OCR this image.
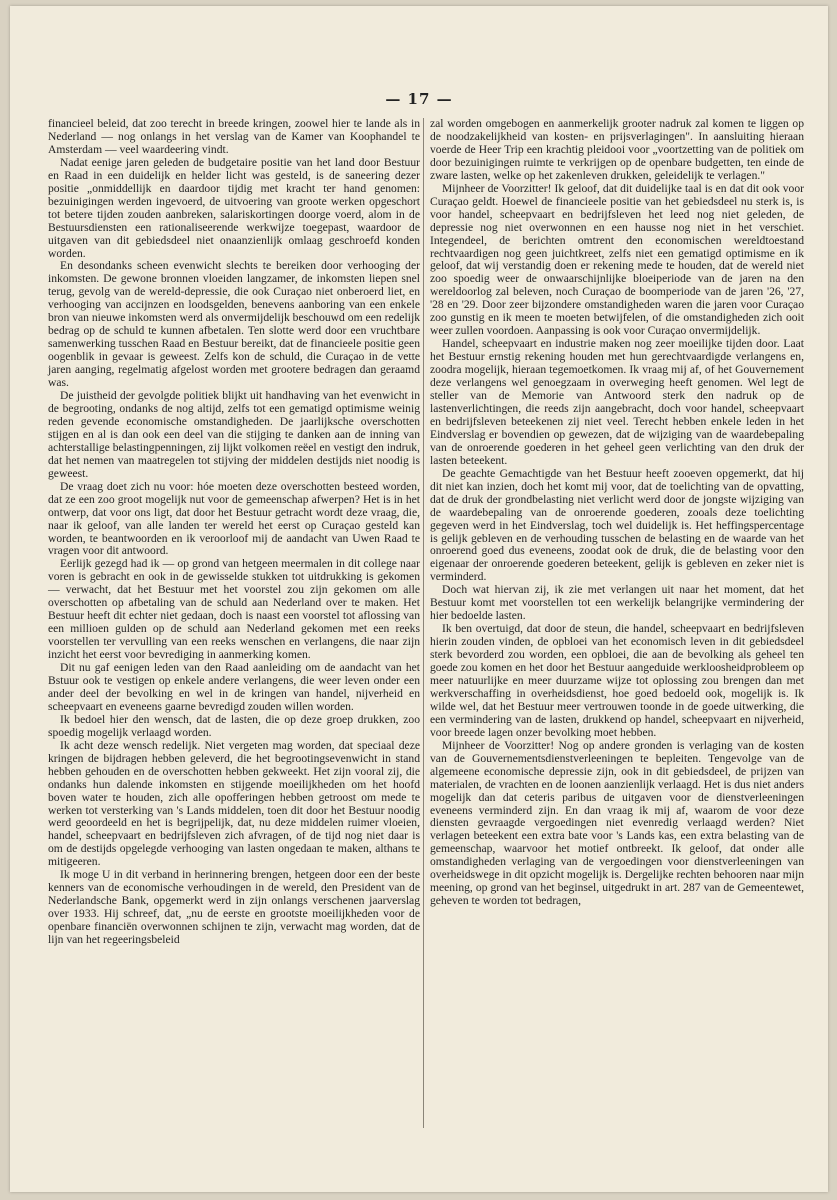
— 17 —

financieel beleid, dat zoo terecht in breede kringen, zoowel hier te lande als in Nederland — nog onlangs in het verslag van de Kamer van Koophandel te Amsterdam — veel waardeering vindt.

Nadat eenige jaren geleden de budgetaire positie van het land door Bestuur en Raad in een duidelijk en helder licht was gesteld, is de saneering dezer positie „onmiddellijk en daardoor tijdig met kracht ter hand genomen: bezuinigingen werden ingevoerd, de uitvoering van groote werken opgeschort tot betere tijden zouden aanbreken, salariskortingen doorge voerd, alom in de Bestuursdiensten een rationaliseerende werkwijze toegepast, waardoor de uitgaven van dit gebiedsdeel niet onaanzienlijk omlaag geschroefd konden worden.

En desondanks scheen evenwicht slechts te bereiken door verhooging der inkomsten. De gewone bronnen vloeiden langzamer, de inkomsten liepen snel terug, gevolg van de wereld-depressie, die ook Curaçao niet onberoerd liet, en verhooging van accijnzen en loodsgelden, benevens aanboring van een enkele bron van nieuwe inkomsten werd als onvermijdelijk beschouwd om een redelijk bedrag op de schuld te kunnen afbetalen. Ten slotte werd door een vruchtbare samenwerking tusschen Raad en Bestuur bereikt, dat de financieele positie geen oogenblik in gevaar is geweest. Zelfs kon de schuld, die Curaçao in de vette jaren aanging, regelmatig afgelost worden met grootere bedragen dan geraamd was.

De juistheid der gevolgde politiek blijkt uit handhaving van het evenwicht in de begrooting, ondanks de nog altijd, zelfs tot een gematigd optimisme weinig reden gevende economische omstandigheden. De jaarlijksche overschotten stijgen en al is dan ook een deel van die stijging te danken aan de inning van achterstallige belastingpenningen, zij lijkt volkomen reëel en vestigt den indruk, dat het nemen van maatregelen tot stijving der middelen destijds niet noodig is geweest.

De vraag doet zich nu voor: hóe moeten deze overschotten besteed worden, dat ze een zoo groot mogelijk nut voor de gemeenschap afwerpen? Het is in het ontwerp, dat voor ons ligt, dat door het Bestuur getracht wordt deze vraag, die, naar ik geloof, van alle landen ter wereld het eerst op Curaçao gesteld kan worden, te beantwoorden en ik veroorloof mij de aandacht van Uwen Raad te vragen voor dit antwoord.

Eerlijk gezegd had ik — op grond van hetgeen meermalen in dit college naar voren is gebracht en ook in de gewisselde stukken tot uitdrukking is gekomen — verwacht, dat het Bestuur met het voorstel zou zijn gekomen om alle overschotten op afbetaling van de schuld aan Nederland over te maken. Het Bestuur heeft dit echter niet gedaan, doch is naast een voorstel tot aflossing van een millioen gulden op de schuld aan Nederland gekomen met een reeks voorstellen ter vervulling van een reeks wenschen en verlangens, die naar zijn inzicht het eerst voor bevrediging in aanmerking komen.

Dit nu gaf eenigen leden van den Raad aanleiding om de aandacht van het Bstuur ook te vestigen op enkele andere verlangens, die weer leven onder een ander deel der bevolking en wel in de kringen van handel, nijverheid en scheepvaart en eveneens gaarne bevredigd zouden willen worden.

Ik bedoel hier den wensch, dat de lasten, die op deze groep drukken, zoo spoedig mogelijk verlaagd worden.

Ik acht deze wensch redelijk. Niet vergeten mag worden, dat speciaal deze kringen de bijdragen hebben geleverd, die het begrootingsevenwicht in stand hebben gehouden en de overschotten hebben gekweekt. Het zijn vooral zij, die ondanks hun dalende inkomsten en stijgende moeilijkheden om het hoofd boven water te houden, zich alle opofferingen hebben getroost om mede te werken tot versterking van 's Lands middelen, toen dit door het Bestuur noodig werd geoordeeld en het is begrijpelijk, dat, nu deze middelen ruimer vloeien, handel, scheepvaart en bedrijfsleven zich afvragen, of de tijd nog niet daar is om de destijds opgelegde verhooging van lasten ongedaan te maken, althans te mitigeeren.

Ik moge U in dit verband in herinnering brengen, hetgeen door een der beste kenners van de economische verhoudingen in de wereld, den President van de Nederlandsche Bank, opgemerkt werd in zijn onlangs verschenen jaarverslag over 1933. Hij schreef, dat, „nu de eerste en grootste moeilijkheden voor de openbare financiën overwonnen schijnen te zijn, verwacht mag worden, dat de lijn van het regeeringsbeleid

zal worden omgebogen en aanmerkelijk grooter nadruk zal komen te liggen op de noodzakelijkheid van kosten- en prijsverlagingen". In aansluiting hieraan voerde de Heer Trip een krachtig pleidooi voor „voortzetting van de politiek om door bezuinigingen ruimte te verkrijgen op de openbare budgetten, ten einde de zware lasten, welke op het zakenleven drukken, geleidelijk te verlagen."

Mijnheer de Voorzitter! Ik geloof, dat dit duidelijke taal is en dat dit ook voor Curaçao geldt. Hoewel de financieele positie van het gebiedsdeel nu sterk is, is voor handel, scheepvaart en bedrijfsleven het leed nog niet geleden, de depressie nog niet overwonnen en een hausse nog niet in het verschiet. Integendeel, de berichten omtrent den economischen wereldtoestand rechtvaardigen nog geen juichtkreet, zelfs niet een gematigd optimisme en ik geloof, dat wij verstandig doen er rekening mede te houden, dat de wereld niet zoo spoedig weer de onwaarschijnlijke bloeiperiode van de jaren na den wereldoorlog zal beleven, noch Curaçao de boomperiode van de jaren '26, '27, '28 en '29. Door zeer bijzondere omstandigheden waren die jaren voor Curaçao zoo gunstig en ik meen te moeten betwijfelen, of die omstandigheden zich ooit weer zullen voordoen. Aanpassing is ook voor Curaçao onvermijdelijk.

Handel, scheepvaart en industrie maken nog zeer moeilijke tijden door. Laat het Bestuur ernstig rekening houden met hun gerechtvaardigde verlangens en, zoodra mogelijk, hieraan tegemoetkomen. Ik vraag mij af, of het Gouvernement deze verlangens wel genoegzaam in overweging heeft genomen. Wel legt de steller van de Memorie van Antwoord sterk den nadruk op de lastenverlichtingen, die reeds zijn aangebracht, doch voor handel, scheepvaart en bedrijfsleven beteekenen zij niet veel. Terecht hebben enkele leden in het Eindverslag er bovendien op gewezen, dat de wijziging van de waardebepaling van de onroerende goederen in het geheel geen verlichting van den druk der lasten beteekent.

De geachte Gemachtigde van het Bestuur heeft zooeven opgemerkt, dat hij dit niet kan inzien, doch het komt mij voor, dat de toelichting van de opvatting, dat de druk der grondbelasting niet verlicht werd door de jongste wijziging van de waardebepaling van de onroerende goederen, zooals deze toelichting gegeven werd in het Eindverslag, toch wel duidelijk is. Het heffingspercentage is gelijk gebleven en de verhouding tusschen de belasting en de waarde van het onroerend goed dus eveneens, zoodat ook de druk, die de belasting voor den eigenaar der onroerende goederen beteekent, gelijk is gebleven en zeker niet is verminderd.

Doch wat hiervan zij, ik zie met verlangen uit naar het moment, dat het Bestuur komt met voorstellen tot een werkelijk belangrijke vermindering der hier bedoelde lasten.

Ik ben overtuigd, dat door de steun, die handel, scheepvaart en bedrijfsleven hierin zouden vinden, de opbloei van het economisch leven in dit gebiedsdeel sterk bevorderd zou worden, een opbloei, die aan de bevolking als geheel ten goede zou komen en het door het Bestuur aangeduide werkloosheidprobleem op meer natuurlijke en meer duurzame wijze tot oplossing zou brengen dan met werkverschaffing in overheidsdienst, hoe goed bedoeld ook, mogelijk is. Ik wilde wel, dat het Bestuur meer vertrouwen toonde in de goede uitwerking, die een vermindering van de lasten, drukkend op handel, scheepvaart en nijverheid, voor breede lagen onzer bevolking moet hebben.

Mijnheer de Voorzitter! Nog op andere gronden is verlaging van de kosten van de Gouvernementsdienstverleeningen te bepleiten. Tengevolge van de algemeene economische depressie zijn, ook in dit gebiedsdeel, de prijzen van materialen, de vrachten en de loonen aanzienlijk verlaagd. Het is dus niet anders mogelijk dan dat ceteris paribus de uitgaven voor de dienstverleeningen eveneens verminderd zijn. En dan vraag ik mij af, waarom de voor deze diensten gevraagde vergoedingen niet evenredig verlaagd werden? Niet verlagen beteekent een extra bate voor 's Lands kas, een extra belasting van de gemeenschap, waarvoor het motief ontbreekt. Ik geloof, dat onder alle omstandigheden verlaging van de vergoedingen voor dienstverleeningen van overheidswege in dit opzicht mogelijk is. Dergelijke rechten behooren naar mijn meening, op grond van het beginsel, uitgedrukt in art. 287 van de Gemeentewet, geheven te worden tot bedragen,
